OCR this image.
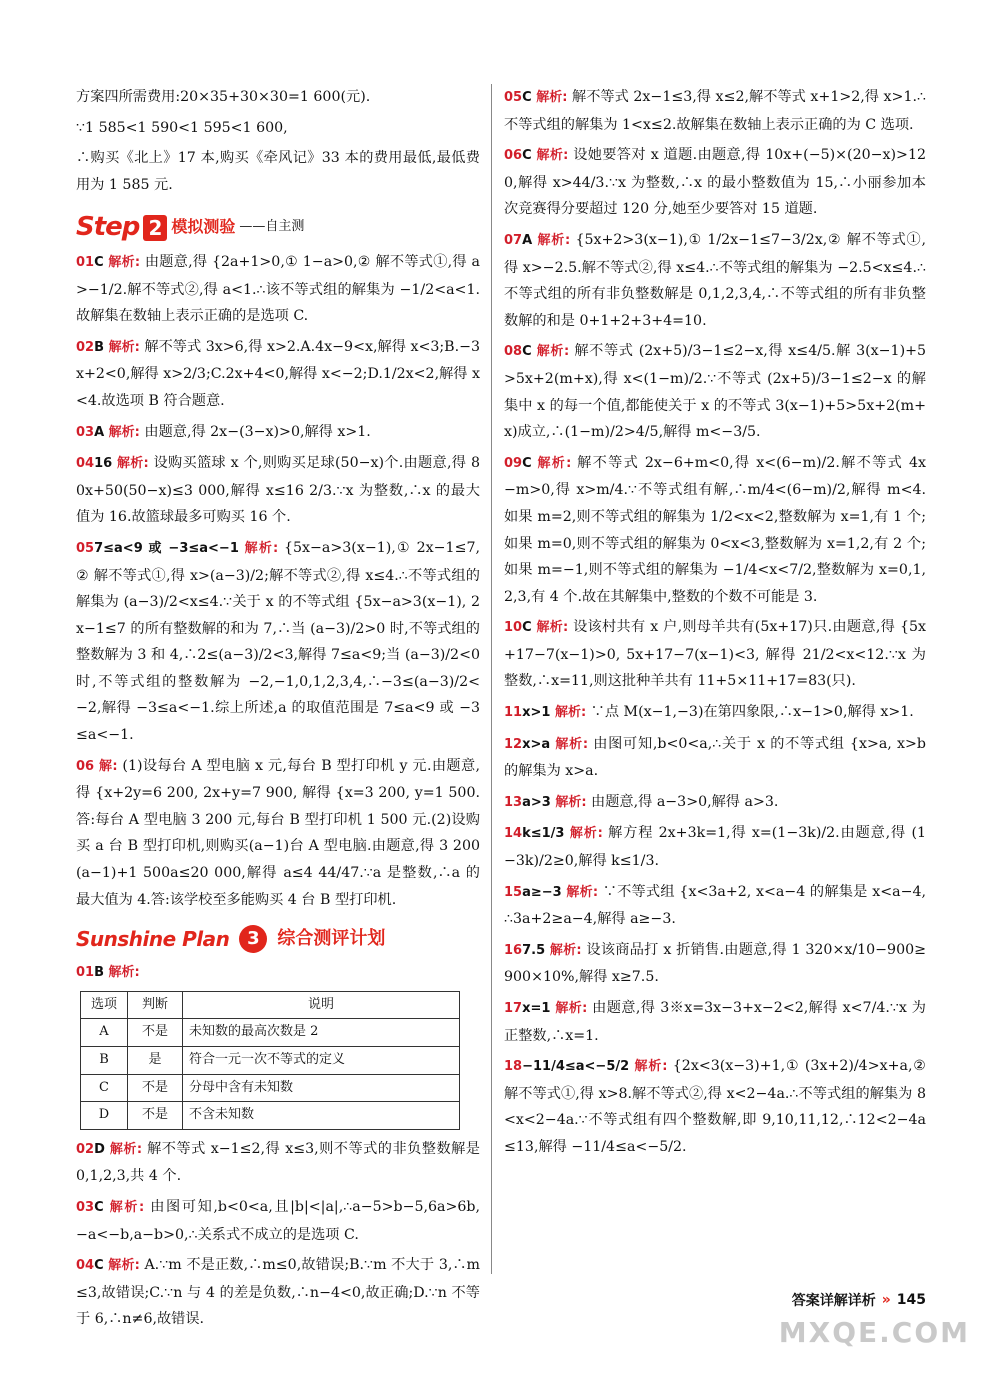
方案四所需费用:20×35+30×30=1 600(元).

∵1 585<1 590<1 595<1 600,

∴购买《北上》17 本,购买《牵风记》33 本的费用最低,最低费用为 1 585 元.

Step 2 模拟测验 ——自主测

01C 解析: 由题意,得 {2a+1>0,① 1−a>0,② 解不等式①,得 a>−1/2.解不等式②,得 a<1.∴该不等式组的解集为 −1/2<a<1.故解集在数轴上表示正确的是选项 C.

02B 解析: 解不等式 3x>6,得 x>2.A.4x−9<x,解得 x<3;B.−3x+2<0,解得 x>2/3;C.2x+4<0,解得 x<−2;D.1/2x<2,解得 x<4.故选项 B 符合题意.

03A 解析: 由题意,得 2x−(3−x)>0,解得 x>1.

0416 解析: 设购买篮球 x 个,则购买足球(50−x)个.由题意,得 80x+50(50−x)≤3 000,解得 x≤16 2/3.∵x 为整数,∴x 的最大值为 16.故篮球最多可购买 16 个.

057≤a<9 或 −3≤a<−1 解析: {5x−a>3(x−1),① 2x−1≤7,② 解不等式①,得 x>(a−3)/2;解不等式②,得 x≤4.∴不等式组的解集为 (a−3)/2<x≤4.∵关于 x 的不等式组 {5x−a>3(x−1), 2x−1≤7 的所有整数解的和为 7,∴当 (a−3)/2>0 时,不等式组的整数解为 3 和 4,∴2≤(a−3)/2<3,解得 7≤a<9;当 (a−3)/2<0 时,不等式组的整数解为 −2,−1,0,1,2,3,4,∴−3≤(a−3)/2<−2,解得 −3≤a<−1.综上所述,a 的取值范围是 7≤a<9 或 −3≤a<−1.

06 解: (1)设每台 A 型电脑 x 元,每台 B 型打印机 y 元.由题意,得 {x+2y=6 200, 2x+y=7 900, 解得 {x=3 200, y=1 500.答:每台 A 型电脑 3 200 元,每台 B 型打印机 1 500 元.(2)设购买 a 台 B 型打印机,则购买(a−1)台 A 型电脑.由题意,得 3 200(a−1)+1 500a≤20 000,解得 a≤4 44/47.∵a 是整数,∴a 的最大值为 4.答:该学校至多能购买 4 台 B 型打印机.

Sunshine Plan 3 综合测评计划

01B 解析:

选项	判断	说明
A	不是	未知数的最高次数是 2
B	是	符合一元一次不等式的定义
C	不是	分母中含有未知数
D	不是	不含未知数

02D 解析: 解不等式 x−1≤2,得 x≤3,则不等式的非负整数解是 0,1,2,3,共 4 个.

03C 解析: 由图可知,b<0<a,且|b|<|a|,∴a−5>b−5,6a>6b,−a<−b,a−b>0,∴关系式不成立的是选项 C.

04C 解析: A.∵m 不是正数,∴m≤0,故错误;B.∵m 不大于 3,∴m≤3,故错误;C.∵n 与 4 的差是负数,∴n−4<0,故正确;D.∵n 不等于 6,∴n≠6,故错误.

05C 解析: 解不等式 2x−1≤3,得 x≤2,解不等式 x+1>2,得 x>1.∴不等式组的解集为 1<x≤2.故解集在数轴上表示正确的为 C 选项.

06C 解析: 设她要答对 x 道题.由题意,得 10x+(−5)×(20−x)>120,解得 x>44/3.∵x 为整数,∴x 的最小整数值为 15,∴小丽参加本次竞赛得分要超过 120 分,她至少要答对 15 道题.

07A 解析: {5x+2>3(x−1),① 1/2x−1≤7−3/2x,② 解不等式①,得 x>−2.5.解不等式②,得 x≤4.∴不等式组的解集为 −2.5<x≤4.∴不等式组的所有非负整数解是 0,1,2,3,4,∴不等式组的所有非负整数解的和是 0+1+2+3+4=10.

08C 解析: 解不等式 (2x+5)/3−1≤2−x,得 x≤4/5.解 3(x−1)+5>5x+2(m+x),得 x<(1−m)/2.∵不等式 (2x+5)/3−1≤2−x 的解集中 x 的每一个值,都能使关于 x 的不等式 3(x−1)+5>5x+2(m+x)成立,∴(1−m)/2>4/5,解得 m<−3/5.

09C 解析: 解不等式 2x−6+m<0,得 x<(6−m)/2.解不等式 4x−m>0,得 x>m/4.∵不等式组有解,∴m/4<(6−m)/2,解得 m<4.如果 m=2,则不等式组的解集为 1/2<x<2,整数解为 x=1,有 1 个;如果 m=0,则不等式组的解集为 0<x<3,整数解为 x=1,2,有 2 个;如果 m=−1,则不等式组的解集为 −1/4<x<7/2,整数解为 x=0,1,2,3,有 4 个.故在其解集中,整数的个数不可能是 3.

10C 解析: 设该村共有 x 户,则母羊共有(5x+17)只.由题意,得 {5x+17−7(x−1)>0, 5x+17−7(x−1)<3, 解得 21/2<x<12.∵x 为整数,∴x=11,则这批种羊共有 11+5×11+17=83(只).

11x>1 解析: ∵点 M(x−1,−3)在第四象限,∴x−1>0,解得 x>1.

12x>a 解析: 由图可知,b<0<a,∴关于 x 的不等式组 {x>a, x>b 的解集为 x>a.

13a>3 解析: 由题意,得 a−3>0,解得 a>3.

14k≤1/3 解析: 解方程 2x+3k=1,得 x=(1−3k)/2.由题意,得 (1−3k)/2≥0,解得 k≤1/3.

15a≥−3 解析: ∵不等式组 {x<3a+2, x<a−4 的解集是 x<a−4,∴3a+2≥a−4,解得 a≥−3.

167.5 解析: 设该商品打 x 折销售.由题意,得 1 320×x/10−900≥900×10%,解得 x≥7.5.

17x=1 解析: 由题意,得 3※x=3x−3+x−2<2,解得 x<7/4.∵x 为正整数,∴x=1.

18−11/4≤a<−5/2 解析: {2x<3(x−3)+1,① (3x+2)/4>x+a,② 解不等式①,得 x>8.解不等式②,得 x<2−4a.∴不等式组的解集为 8<x<2−4a.∵不等式组有四个整数解,即 9,10,11,12,∴12<2−4a≤13,解得 −11/4≤a<−5/2.

答案详解详析 » 145
MXQE.COM
